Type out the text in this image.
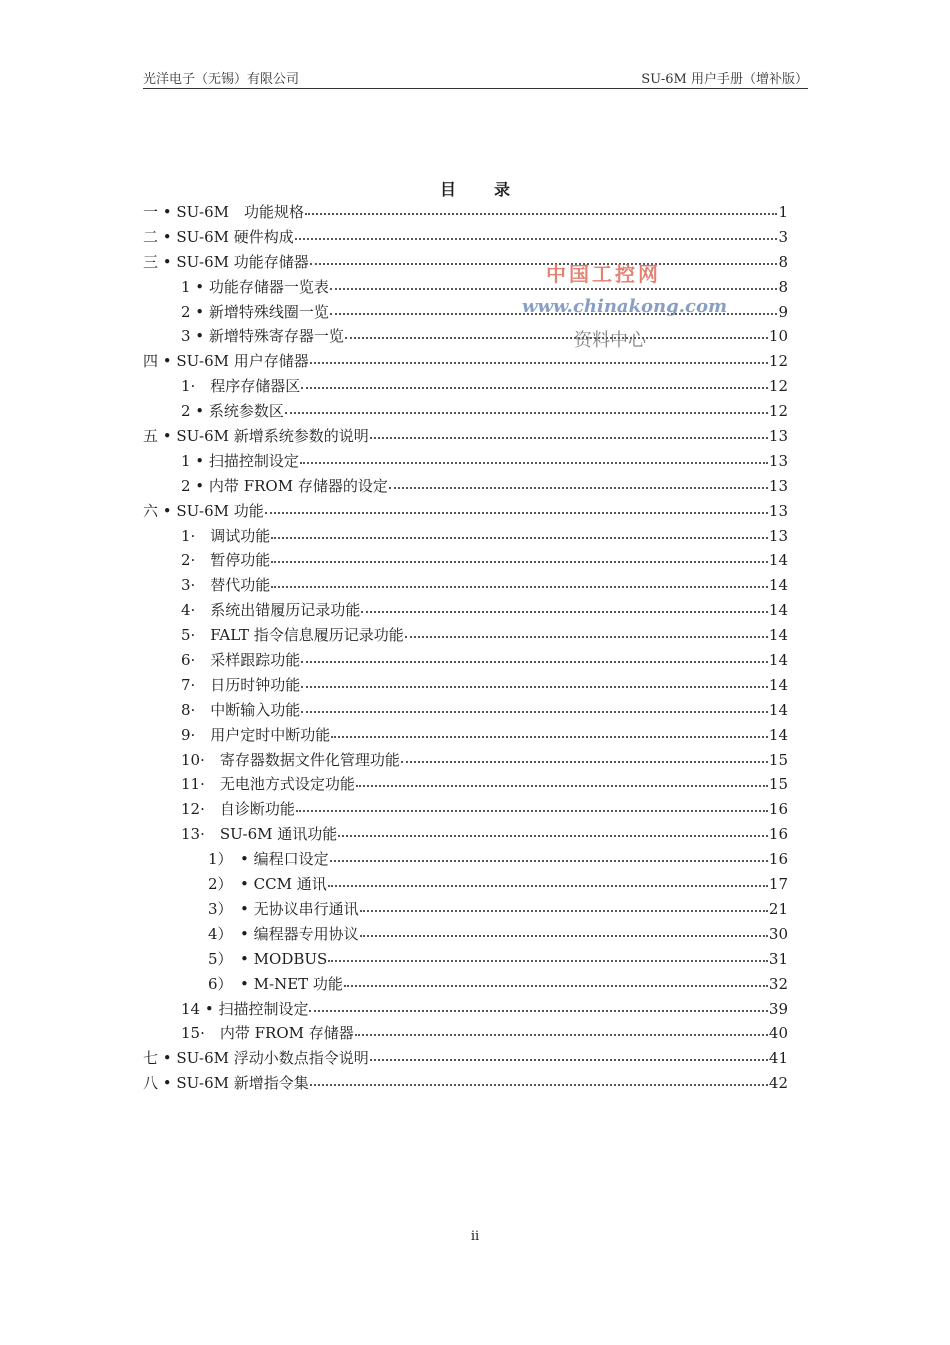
光洋电子（无锡）有限公司	SU-6M 用户手册（增补版）
目录
一 • SU-6M　功能规格	1
二 • SU-6M 硬件构成	3
三 • SU-6M 功能存储器	8
1 • 功能存储器一览表	8
2 • 新增特殊线圈一览	9
3 • 新增特殊寄存器一览	10
四 • SU-6M 用户存储器	12
1·　程序存储器区	12
2 • 系统参数区	12
五 • SU-6M 新增系统参数的说明	13
1 • 扫描控制设定	13
2 • 内带 FROM 存储器的设定	13
六 • SU-6M 功能	13
1·　调试功能	13
2·　暂停功能	14
3·　替代功能	14
4·　系统出错履历记录功能	14
5·　FALT 指令信息履历记录功能	14
6·　采样跟踪功能	14
7·　日历时钟功能	14
8·　中断输入功能	14
9·　用户定时中断功能	14
10·　寄存器数据文件化管理功能	15
11·　无电池方式设定功能	15
12·　自诊断功能	16
13·　SU-6M 通讯功能	16
1）　• 编程口设定	16
2）　• CCM 通讯	17
3）　• 无协议串行通讯	21
4）　• 编程器专用协议	30
5）　• MODBUS	31
6）　• M-NET 功能	32
14 • 扫描控制设定	39
15·　内带 FROM 存储器	40
七 • SU-6M 浮动小数点指令说明	41
八 • SU-6M 新增指令集	42
中国工控网
www.chinakong.com
资料中心
ii
